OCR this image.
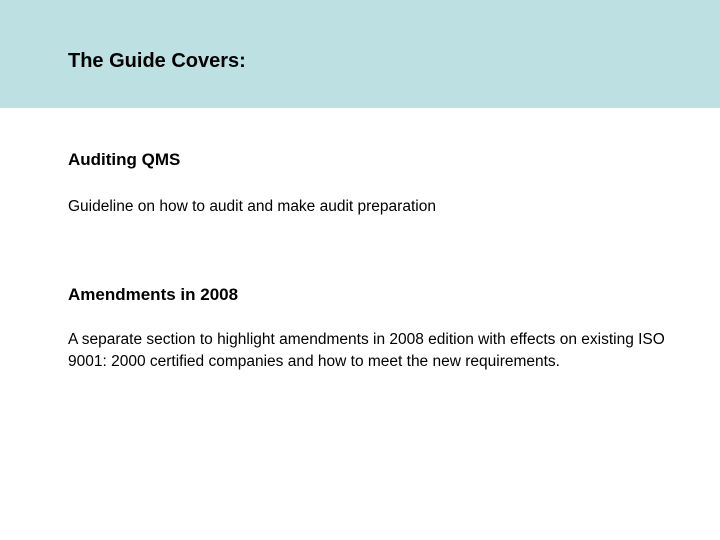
The Guide Covers:
Auditing QMS
Guideline on how to audit and make audit preparation
Amendments in 2008
A separate section to highlight amendments in 2008 edition with effects on existing ISO 9001: 2000 certified companies and how to meet the new requirements.
